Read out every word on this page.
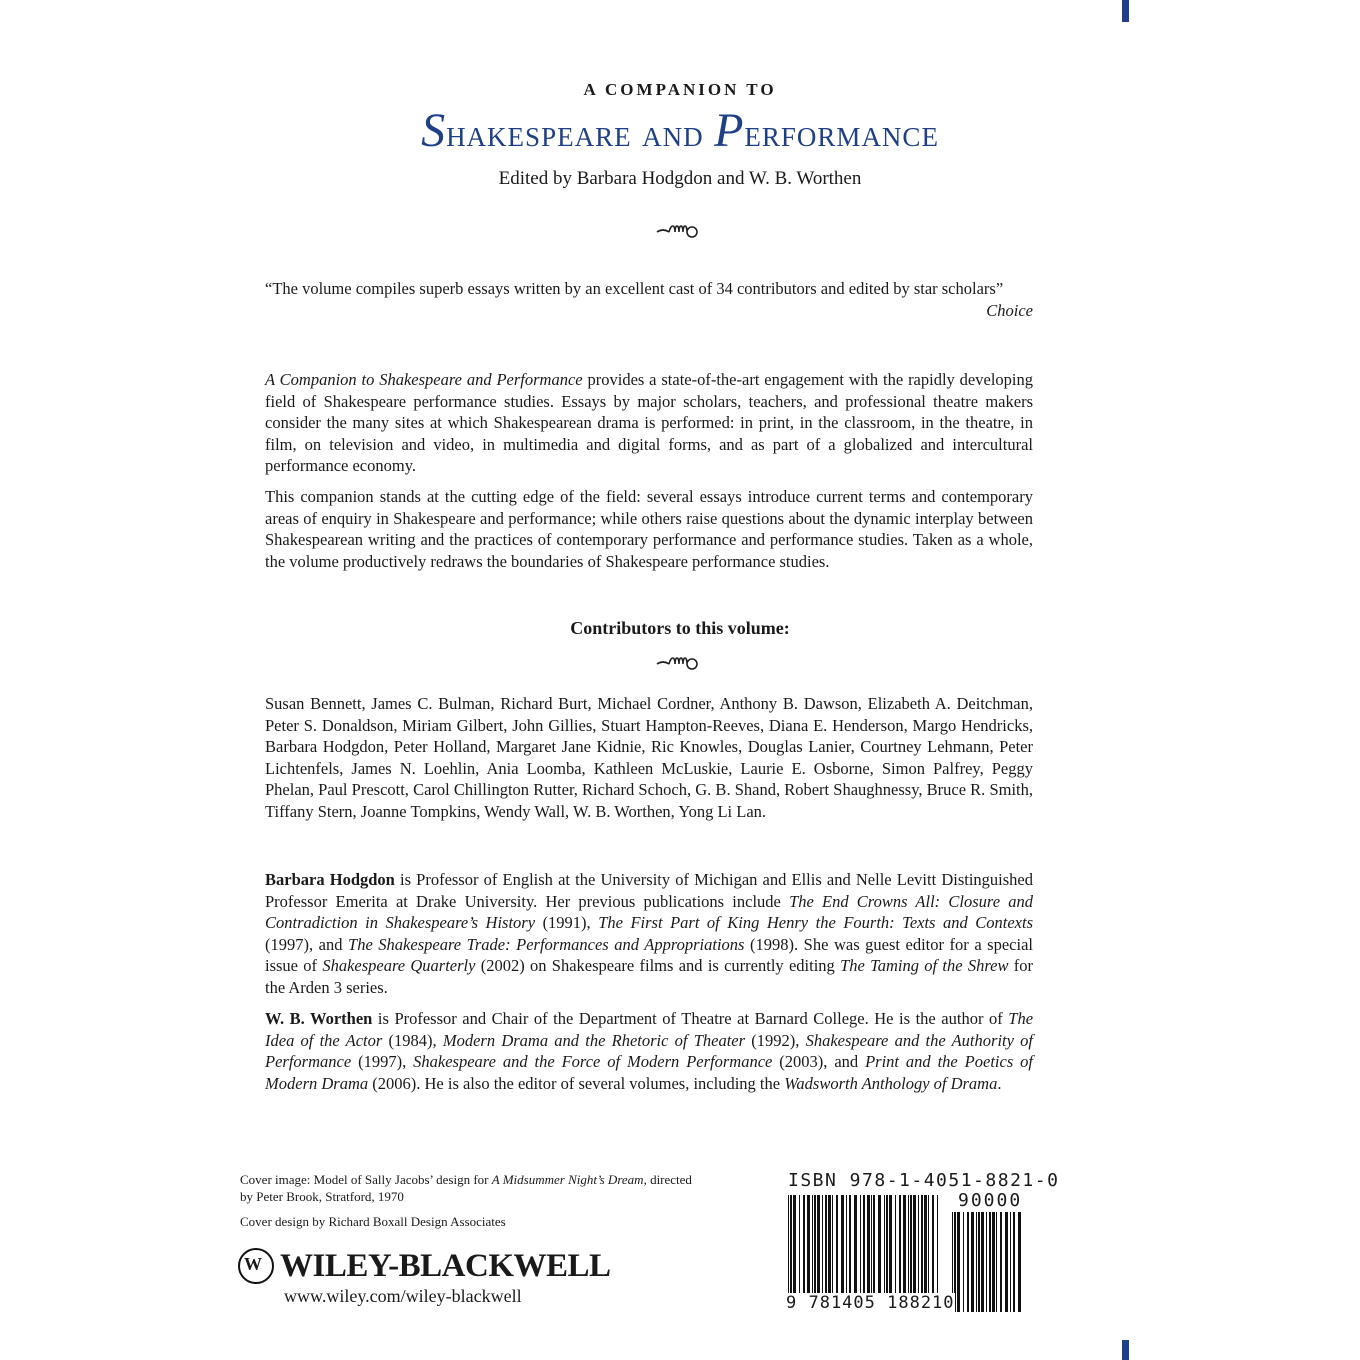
A COMPANION TO
Shakespeare and Performance
Edited by Barbara Hodgdon and W. B. Worthen

“The volume compiles superb essays written by an excellent cast of 34 contributors and edited by star scholars”

Choice

A Companion to Shakespeare and Performance provides a state-of-the-art engagement with the rapidly developing field of Shakespeare performance studies. Essays by major scholars, teachers, and professional theatre makers consider the many sites at which Shakespearean drama is performed: in print, in the classroom, in the theatre, in film, on television and video, in multimedia and digital forms, and as part of a globalized and intercultural performance economy.

This companion stands at the cutting edge of the field: several essays introduce current terms and contemporary areas of enquiry in Shakespeare and performance; while others raise questions about the dynamic interplay between Shakespearean writing and the practices of contemporary performance and performance studies. Taken as a whole, the volume productively redraws the boundaries of Shakespeare performance studies.

Contributors to this volume:

Susan Bennett, James C. Bulman, Richard Burt, Michael Cordner, Anthony B. Dawson, Elizabeth A. Deitchman, Peter S. Donaldson, Miriam Gilbert, John Gillies, Stuart Hampton-Reeves, Diana E. Henderson, Margo Hendricks, Barbara Hodgdon, Peter Holland, Margaret Jane Kidnie, Ric Knowles, Douglas Lanier, Courtney Lehmann, Peter Lichtenfels, James N. Loehlin, Ania Loomba, Kathleen McLuskie, Laurie E. Osborne, Simon Palfrey, Peggy Phelan, Paul Prescott, Carol Chillington Rutter, Richard Schoch, G. B. Shand, Robert Shaughnessy, Bruce R. Smith, Tiffany Stern, Joanne Tompkins, Wendy Wall, W. B. Worthen, Yong Li Lan.

Barbara Hodgdon is Professor of English at the University of Michigan and Ellis and Nelle Levitt Distinguished Professor Emerita at Drake University. Her previous publications include The End Crowns All: Closure and Contradiction in Shakespeare’s History (1991), The First Part of King Henry the Fourth: Texts and Contexts (1997), and The Shakespeare Trade: Performances and Appropriations (1998). She was guest editor for a special issue of Shakespeare Quarterly (2002) on Shakespeare films and is currently editing The Taming of the Shrew for the Arden 3 series.

W. B. Worthen is Professor and Chair of the Department of Theatre at Barnard College. He is the author of The Idea of the Actor (1984), Modern Drama and the Rhetoric of Theater (1992), Shakespeare and the Authority of Performance (1997), Shakespeare and the Force of Modern Performance (2003), and Print and the Poetics of Modern Drama (2006). He is also the editor of several volumes, including the Wadsworth Anthology of Drama.

Cover image: Model of Sally Jacobs’ design for A Midsummer Night’s Dream, directed by Peter Brook, Stratford, 1970
Cover design by Richard Boxall Design Associates
W
WILEY-BLACKWELL
www.wiley.com/wiley-blackwell
ISBN 978-1-4051-8821-0
90000
9 781405 188210
